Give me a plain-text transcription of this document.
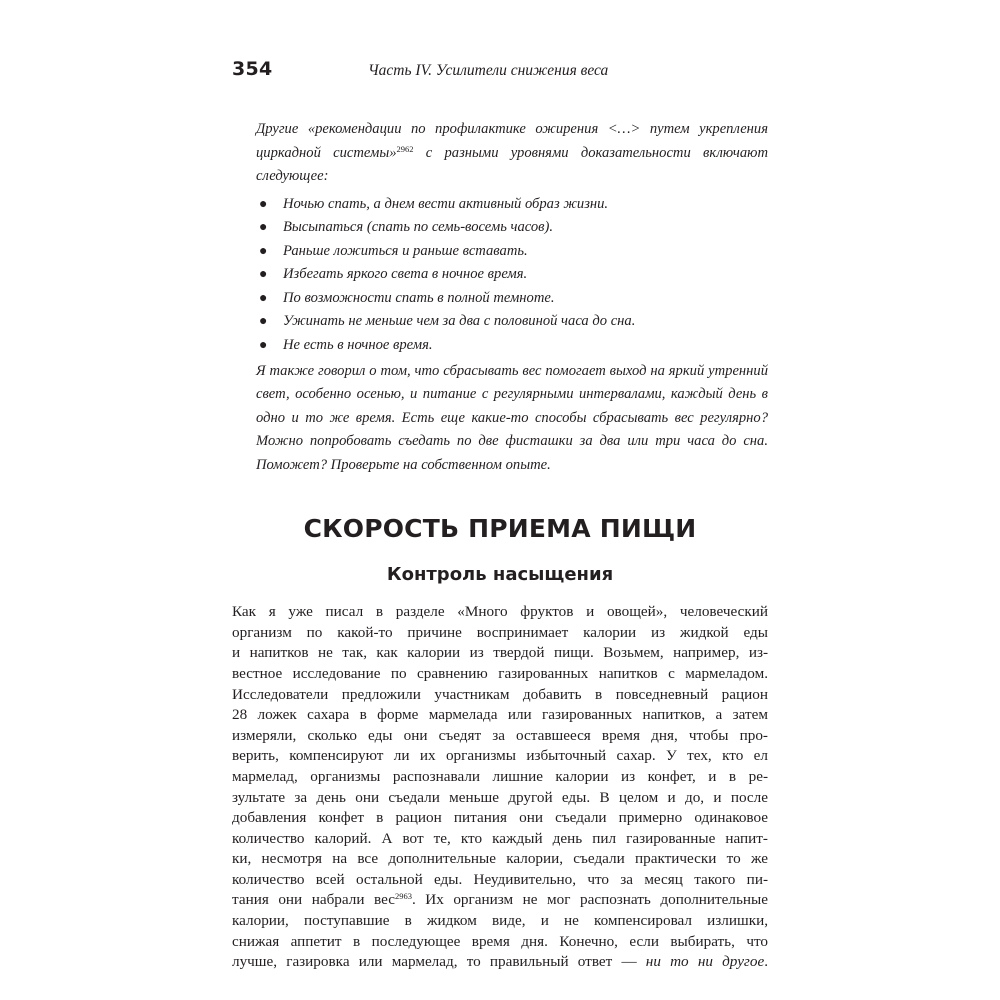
354	Часть IV. Усилители снижения веса

Другие «рекомендации по профилактике ожирения <…> путем укрепления циркадной системы»$^{2962}$ с разными уровнями доказательности включают следующее:

● Ночью спать, а днем вести активный образ жизни.
● Высыпаться (спать по семь-восемь часов).
● Раньше ложиться и раньше вставать.
● Избегать яркого света в ночное время.
● По возможности спать в полной темноте.
● Ужинать не меньше чем за два с половиной часа до сна.
● Не есть в ночное время.

Я также говорил о том, что сбрасывать вес помогает выход на яркий утренний свет, особенно осенью, и питание с регулярными интервалами, каждый день в одно и то же время. Есть еще какие-то способы сбрасывать вес регулярно? Можно попробовать съедать по две фисташки за два или три часа до сна. Поможет? Проверьте на собственном опыте.

СКОРОСТЬ ПРИЕМА ПИЩИ
Контроль насыщения
Как я уже писал в разделе «Много фруктов и овощей», человеческий
организм по какой-то причине воспринимает калории из жидкой еды
и напитков не так, как калории из твердой пищи. Возьмем, например, из-
вестное исследование по сравнению газированных напитков с мармеладом.
Исследователи предложили участникам добавить в повседневный рацион
28 ложек сахара в форме мармелада или газированных напитков, а затем
измеряли, сколько еды они съедят за оставшееся время дня, чтобы про-
верить, компенсируют ли их организмы избыточный сахар. У тех, кто ел
мармелад, организмы распознавали лишние калории из конфет, и в ре-
зультате за день они съедали меньше другой еды. В целом и до, и после
добавления конфет в рацион питания они съедали примерно одинаковое
количество калорий. А вот те, кто каждый день пил газированные напит-
ки, несмотря на все дополнительные калории, съедали практически то же
количество всей остальной еды. Неудивительно, что за месяц такого пи-
тания они набрали вес$^{2963}$. Их организм не мог распознать дополнительные
калории, поступавшие в жидком виде, и не компенсировал излишки,
снижая аппетит в последующее время дня. Конечно, если выбирать, что
лучше, газировка или мармелад, то правильный ответ — ни то ни другое.
